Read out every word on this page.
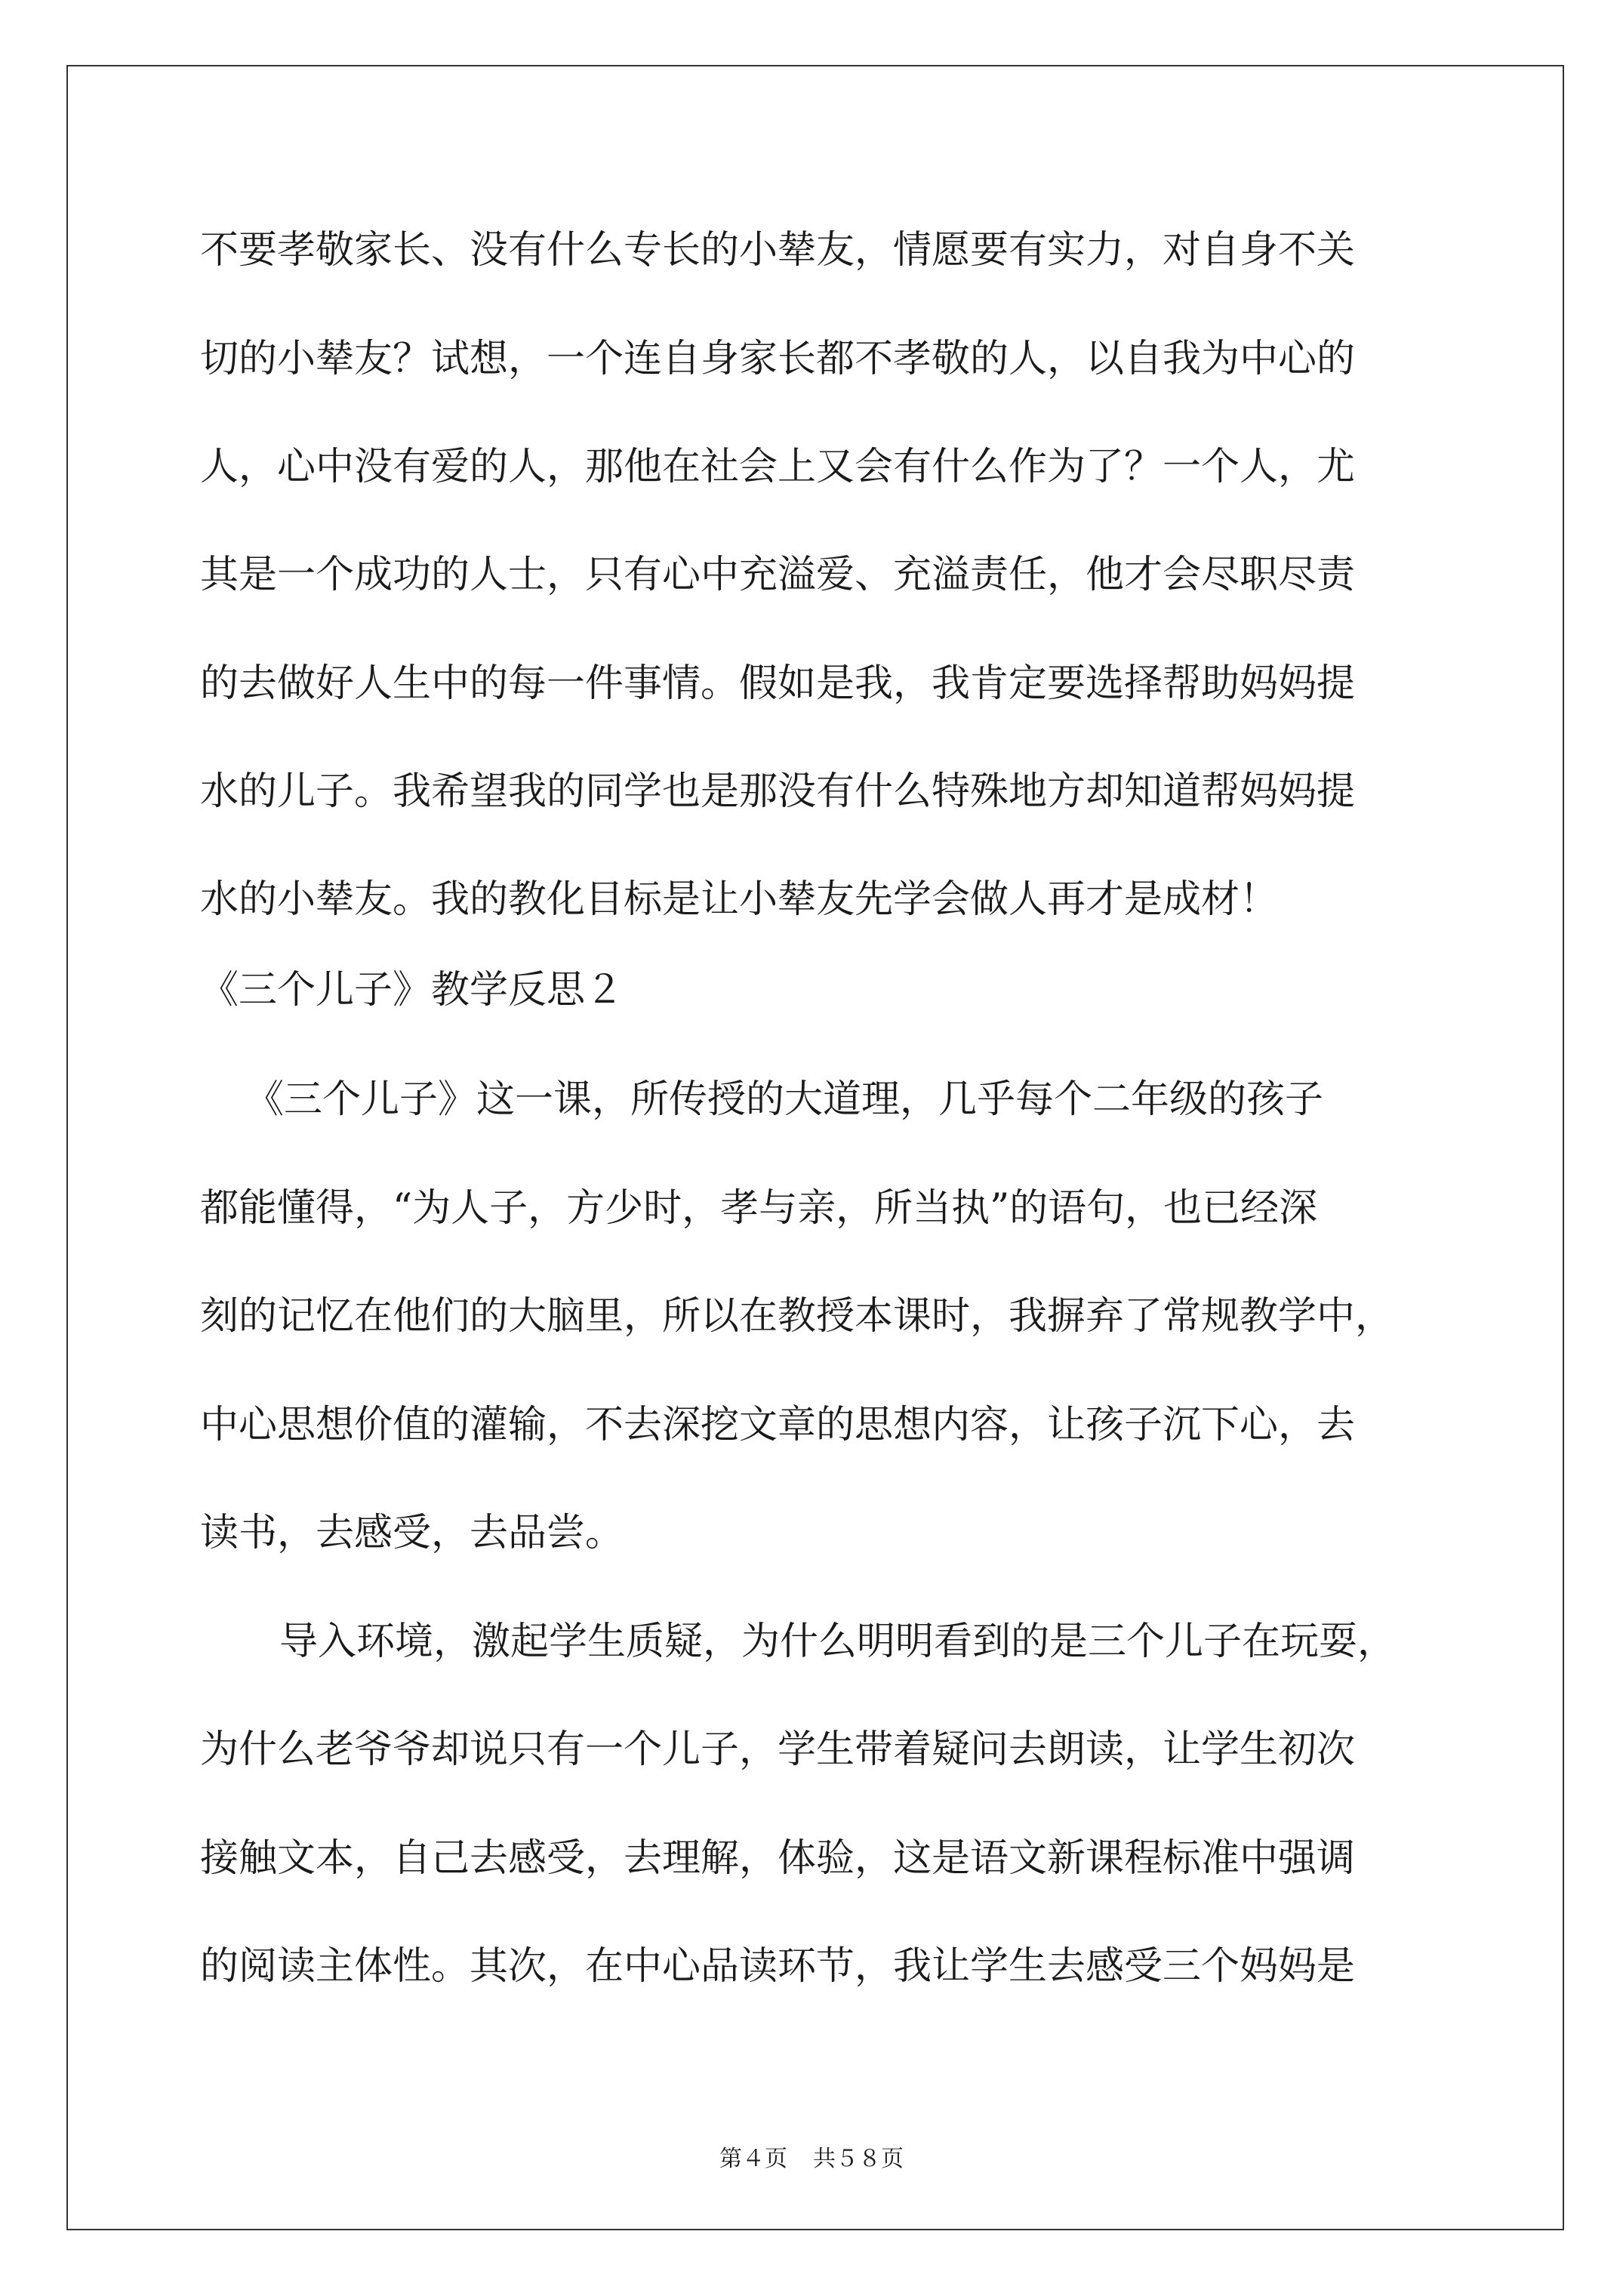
不要孝敬家长、没有什么专长的小辇友，情愿要有实力，对自身不关
切的小辇友？试想，一个连自身家长都不孝敬的人，以自我为中心的
人，心中没有爱的人，那他在社会上又会有什么作为了？一个人，尤
其是一个成功的人士，只有心中充溢爱、充溢责任，他才会尽职尽责
的去做好人生中的每一件事情。假如是我，我肯定要选择帮助妈妈提
水的儿子。我希望我的同学也是那没有什么特殊地方却知道帮妈妈提
水的小辇友。我的教化目标是让小辇友先学会做人再才是成材！
《三个儿子》教学反思２
《三个儿子》这一课，所传授的大道理，几乎每个二年级的孩子
都能懂得，“为人子，方少时，孝与亲，所当执”的语句，也已经深
刻的记忆在他们的大脑里，所以在教授本课时，我摒弃了常规教学中，
中心思想价值的灌输，不去深挖文章的思想内容，让孩子沉下心，去
读书，去感受，去品尝。
导入环境，激起学生质疑，为什么明明看到的是三个儿子在玩耍，
为什么老爷爷却说只有一个儿子，学生带着疑问去朗读，让学生初次
接触文本，自己去感受，去理解，体验，这是语文新课程标准中强调
的阅读主体性。其次，在中心品读环节，我让学生去感受三个妈妈是
第４页 共５８页
